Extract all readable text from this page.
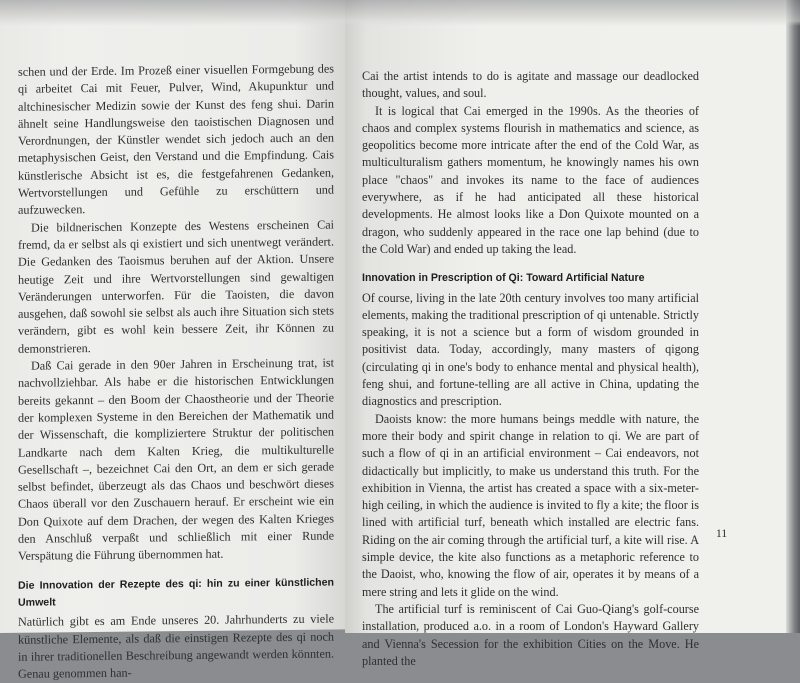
schen und der Erde. Im Prozeß einer visuellen Formgebung des qi arbeitet Cai mit Feuer, Pulver, Wind, Akupunktur und altchinesischer Medizin sowie der Kunst des feng shui. Darin ähnelt seine Handlungsweise den taoistischen Diagnosen und Verordnungen, der Künstler wendet sich jedoch auch an den metaphysischen Geist, den Verstand und die Empfindung. Cais künstlerische Absicht ist es, die festgefahrenen Gedanken, Wertvorstellungen und Gefühle zu erschüttern und aufzuwecken.

Die bildnerischen Konzepte des Westens erscheinen Cai fremd, da er selbst als qi existiert und sich unentwegt verändert. Die Gedanken des Taoismus beruhen auf der Aktion. Unsere heutige Zeit und ihre Wertvorstellungen sind gewaltigen Veränderungen unterworfen. Für die Taoisten, die davon ausgehen, daß sowohl sie selbst als auch ihre Situation sich stets verändern, gibt es wohl kein bessere Zeit, ihr Können zu demonstrieren.

Daß Cai gerade in den 90er Jahren in Erscheinung trat, ist nachvollziehbar. Als habe er die historischen Entwicklungen bereits gekannt – den Boom der Chaostheorie und der Theorie der komplexen Systeme in den Bereichen der Mathematik und der Wissenschaft, die kompliziertere Struktur der politischen Landkarte nach dem Kalten Krieg, die multikulturelle Gesellschaft –, bezeichnet Cai den Ort, an dem er sich gerade selbst befindet, überzeugt als das Chaos und beschwört dieses Chaos überall vor den Zuschauern herauf. Er erscheint wie ein Don Quixote auf dem Drachen, der wegen des Kalten Krieges den Anschluß verpaßt und schließlich mit einer Runde Verspätung die Führung übernommen hat.

Die Innovation der Rezepte des qi: hin zu einer künstlichen Umwelt

Natürlich gibt es am Ende unseres 20. Jahrhunderts zu viele künstliche Elemente, als daß die einstigen Rezepte des qi noch in ihrer traditionellen Beschreibung angewandt werden könnten. Genau genommen han-

Cai the artist intends to do is agitate and massage our deadlocked thought, values, and soul.

It is logical that Cai emerged in the 1990s. As the theories of chaos and complex systems flourish in mathematics and science, as geopolitics become more intricate after the end of the Cold War, as multiculturalism gathers momentum, he knowingly names his own place "chaos" and invokes its name to the face of audiences everywhere, as if he had anticipated all these historical developments. He almost looks like a Don Quixote mounted on a dragon, who suddenly appeared in the race one lap behind (due to the Cold War) and ended up taking the lead.

Innovation in Prescription of Qi: Toward Artificial Nature

Of course, living in the late 20th century involves too many artificial elements, making the traditional prescription of qi untenable. Strictly speaking, it is not a science but a form of wisdom grounded in positivist data. Today, accordingly, many masters of qigong (circulating qi in one's body to enhance mental and physical health), feng shui, and fortune-telling are all active in China, updating the diagnostics and prescription.

Daoists know: the more humans beings meddle with nature, the more their body and spirit change in relation to qi. We are part of such a flow of qi in an artificial environment – Cai endeavors, not didactically but implicitly, to make us understand this truth. For the exhibition in Vienna, the artist has created a space with a six-meter-high ceiling, in which the audience is invited to fly a kite; the floor is lined with artificial turf, beneath which installed are electric fans. Riding on the air coming through the artificial turf, a kite will rise. A simple device, the kite also functions as a metaphoric reference to the Daoist, who, knowing the flow of air, operates it by means of a mere string and lets it glide on the wind.

The artificial turf is reminiscent of Cai Guo-Qiang's golf-course installation, produced a.o. in a room of London's Hayward Gallery and Vienna's Secession for the exhibition Cities on the Move. He planted the

11
